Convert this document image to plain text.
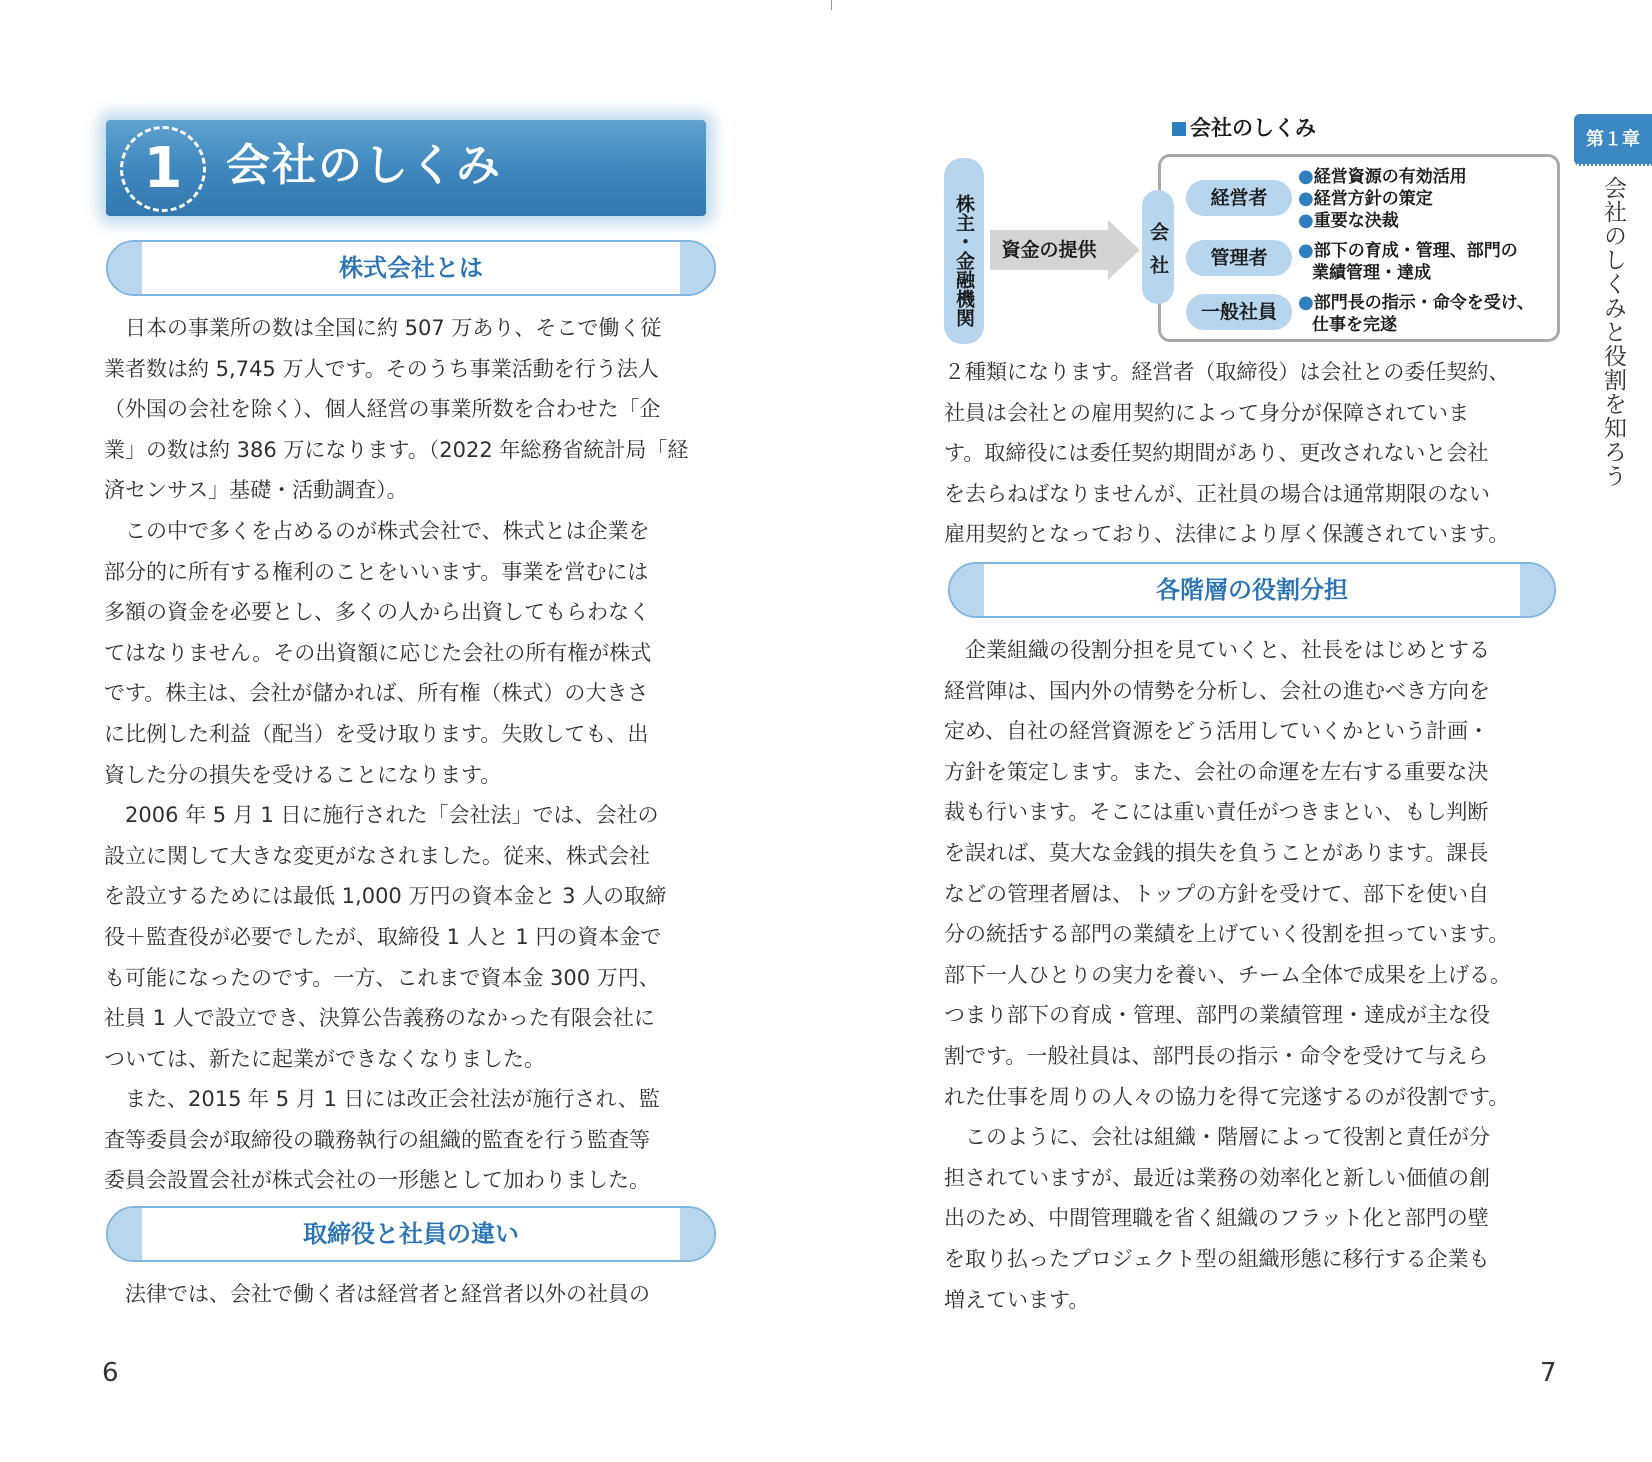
1 会社のしくみ
株式会社とは
　日本の事業所の数は全国に約 507 万あり、そこで働く従
業者数は約 5,745 万人です。そのうち事業活動を行う法人
（外国の会社を除く）、個人経営の事業所数を合わせた「企
業」の数は約 386 万になります。（2022 年総務省統計局「経
済センサス」基礎・活動調査）。
　この中で多くを占めるのが株式会社で、株式とは企業を
部分的に所有する権利のことをいいます。事業を営むには
多額の資金を必要とし、多くの人から出資してもらわなく
てはなりません。その出資額に応じた会社の所有権が株式
です。株主は、会社が儲かれば、所有権（株式）の大きさ
に比例した利益（配当）を受け取ります。失敗しても、出
資した分の損失を受けることになります。
　2006 年 5 月 1 日に施行された「会社法」では、会社の
設立に関して大きな変更がなされました。従来、株式会社
を設立するためには最低 1,000 万円の資本金と 3 人の取締
役＋監査役が必要でしたが、取締役 1 人と 1 円の資本金で
も可能になったのです。一方、これまで資本金 300 万円、
社員 1 人で設立でき、決算公告義務のなかった有限会社に
ついては、新たに起業ができなくなりました。
　また、2015 年 5 月 1 日には改正会社法が施行され、監
査等委員会が取締役の職務執行の組織的監査を行う監査等
委員会設置会社が株式会社の一形態として加わりました。
取締役と社員の違い
　法律では、会社で働く者は経営者と経営者以外の社員の
6
会社のしくみ
株主・金融機関	資金の提供	会社
経営者
●経営資源の有効活用
●経営方針の策定
●重要な決裁
管理者	●部下の育成・管理、部門の
業績管理・達成
一般社員	●部門長の指示・命令を受け、
仕事を完遂
２種類になります。経営者（取締役）は会社との委任契約、
社員は会社との雇用契約によって身分が保障されていま
す。取締役には委任契約期間があり、更改されないと会社
を去らねばなりませんが、正社員の場合は通常期限のない
雇用契約となっており、法律により厚く保護されています。
各階層の役割分担
　企業組織の役割分担を見ていくと、社長をはじめとする
経営陣は、国内外の情勢を分析し、会社の進むべき方向を
定め、自社の経営資源をどう活用していくかという計画・
方針を策定します。また、会社の命運を左右する重要な決
裁も行います。そこには重い責任がつきまとい、もし判断
を誤れば、莫大な金銭的損失を負うことがあります。課長
などの管理者層は、トップの方針を受けて、部下を使い自
分の統括する部門の業績を上げていく役割を担っています。
部下一人ひとりの実力を養い、チーム全体で成果を上げる。
つまり部下の育成・管理、部門の業績管理・達成が主な役
割です。一般社員は、部門長の指示・命令を受けて与えら
れた仕事を周りの人々の協力を得て完遂するのが役割です。
　このように、会社は組織・階層によって役割と責任が分
担されていますが、最近は業務の効率化と新しい価値の創
出のため、中間管理職を省く組織のフラット化と部門の壁
を取り払ったプロジェクト型の組織形態に移行する企業も
増えています。
第１章
会社のしくみと役割を知ろう
7
